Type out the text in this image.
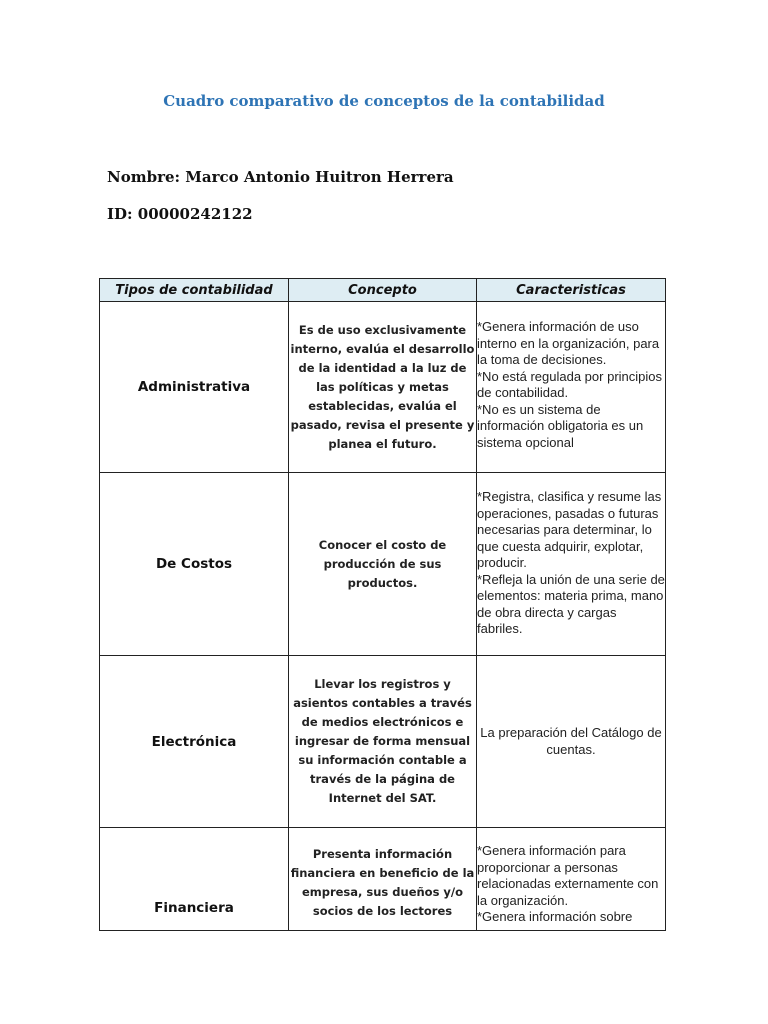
Cuadro comparativo de conceptos de la contabilidad
Nombre: Marco Antonio Huitron Herrera
ID: 00000242122
Tipos de contabilidad	Concepto	Caracteristicas
Administrativa	Es de uso exclusivamente interno, evalúa el desarrollo de la identidad a la luz de las políticas y metas establecidas, evalúa el pasado, revisa el presente y planea el futuro.	*Genera información de uso interno en la organización, para la toma de decisiones.
*No está regulada por principios de contabilidad.
*No es un sistema de información obligatoria es un sistema opcional

De Costos	Conocer el costo de producción de sus productos.	*Registra, clasifica y resume las operaciones, pasadas o futuras necesarias para determinar, lo que cuesta adquirir, explotar, producir.
*Refleja la unión de una serie de elementos: materia prima, mano de obra directa y cargas fabriles.

Electrónica	Llevar los registros y asientos contables a través de medios electrónicos e ingresar de forma mensual su información contable a través de la página de Internet del SAT.	La preparación del Catálogo de cuentas.

Financiera	Presenta información financiera en beneficio de la empresa, sus dueños y/o socios de los lectores	*Genera información para proporcionar a personas relacionadas externamente con la organización.
*Genera información sobre
